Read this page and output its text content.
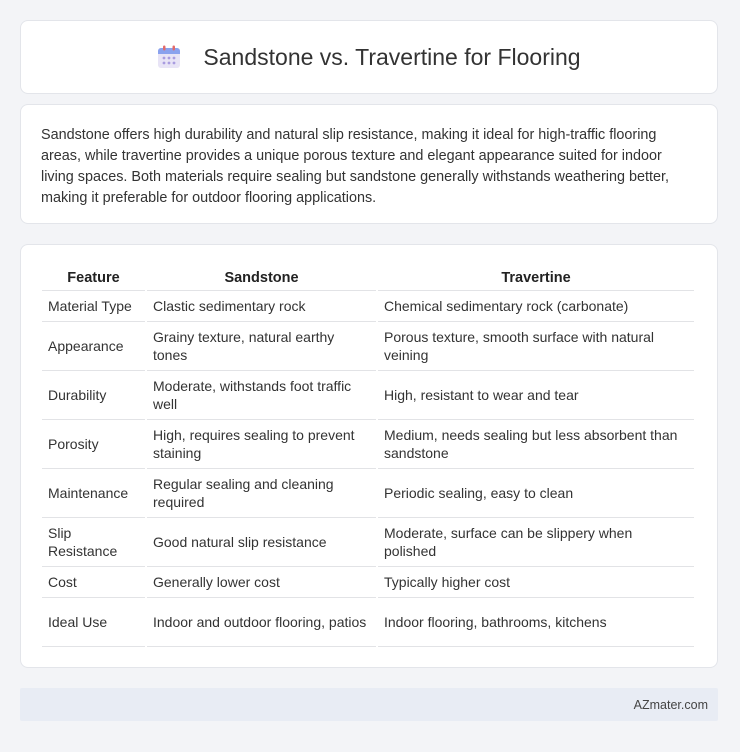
Sandstone vs. Travertine for Flooring

Sandstone offers high durability and natural slip resistance, making it ideal for high-traffic flooring areas, while travertine provides a unique porous texture and elegant appearance suited for indoor living spaces. Both materials require sealing but sandstone generally withstands weathering better, making it preferable for outdoor flooring applications.

Feature	Sandstone	Travertine
Material Type	Clastic sedimentary rock	Chemical sedimentary rock (carbonate)
Appearance	Grainy texture, natural earthy tones	Porous texture, smooth surface with natural veining
Durability	Moderate, withstands foot traffic well	High, resistant to wear and tear
Porosity	High, requires sealing to prevent staining	Medium, needs sealing but less absorbent than sandstone
Maintenance	Regular sealing and cleaning required	Periodic sealing, easy to clean
Slip Resistance	Good natural slip resistance	Moderate, surface can be slippery when polished
Cost	Generally lower cost	Typically higher cost
Ideal Use	Indoor and outdoor flooring, patios	Indoor flooring, bathrooms, kitchens
AZmater.com
